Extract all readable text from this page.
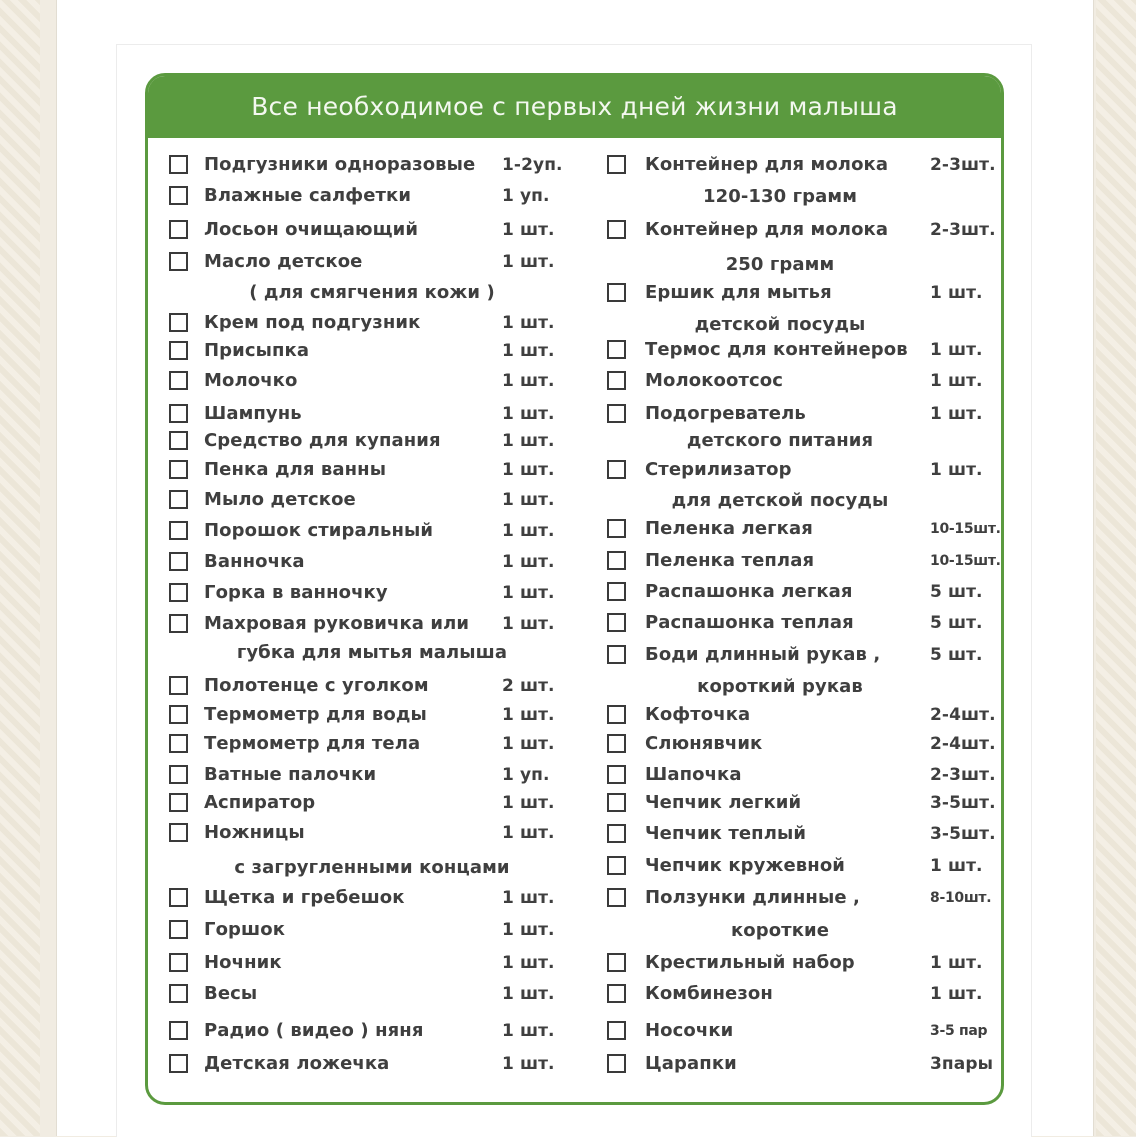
Все необходимое с первых дней жизни малыша
Подгузники одноразовые 1-2уп.
Влажные салфетки	1 уп.
Лосьон очищающий	1 шт.
Масло детское	1 шт.
( для смягчения кожи )
Крем под подгузник	1 шт.
Присыпка	1 шт.
Молочко	1 шт.
Шампунь	1 шт.
Средство для купания	1 шт.
Пенка для ванны	1 шт.
Мыло детское	1 шт.
Порошок стиральный	1 шт.
Ванночка	1 шт.
Горка в ванночку	1 шт.
Махровая руковичка или 1 шт.
губка для мытья малыша
Полотенце с уголком	2 шт.
Термометр для воды	1 шт.
Термометр для тела	1 шт.
Ватные палочки	1 уп.
Аспиратор	1 шт.
Ножницы	1 шт.
с загругленными концами
Щетка и гребешок	1 шт.
Горшок	1 шт.
Ночник	1 шт.
Весы	1 шт.
Радио ( видео ) няня	1 шт.
Детская ложечка	1 шт.
Контейнер для молока 2-3шт.
120-130 грамм
Контейнер для молока 2-3шт.
250 грамм
Ершик для мытья	1 шт.
детской посуды
Термос для контейнеров 1 шт.
Молокоотсос	1 шт.
Подогреватель	1 шт.
детского питания
Стерилизатор	1 шт.
для детской посуды
Пеленка легкая	10-15шт.
Пеленка теплая	10-15шт.
Распашонка легкая	5 шт.
Распашонка теплая	5 шт.
Боди длинный рукав ,	5 шт.
короткий рукав
Кофточка	2-4шт.
Слюнявчик	2-4шт.
Шапочка	2-3шт.
Чепчик легкий	3-5шт.
Чепчик теплый	3-5шт.
Чепчик кружевной	1 шт.
Ползунки длинные ,	8-10шт.
короткие
Крестильный набор	1 шт.
Комбинезон	1 шт.
Носочки	3-5 пар
Царапки	3пары
